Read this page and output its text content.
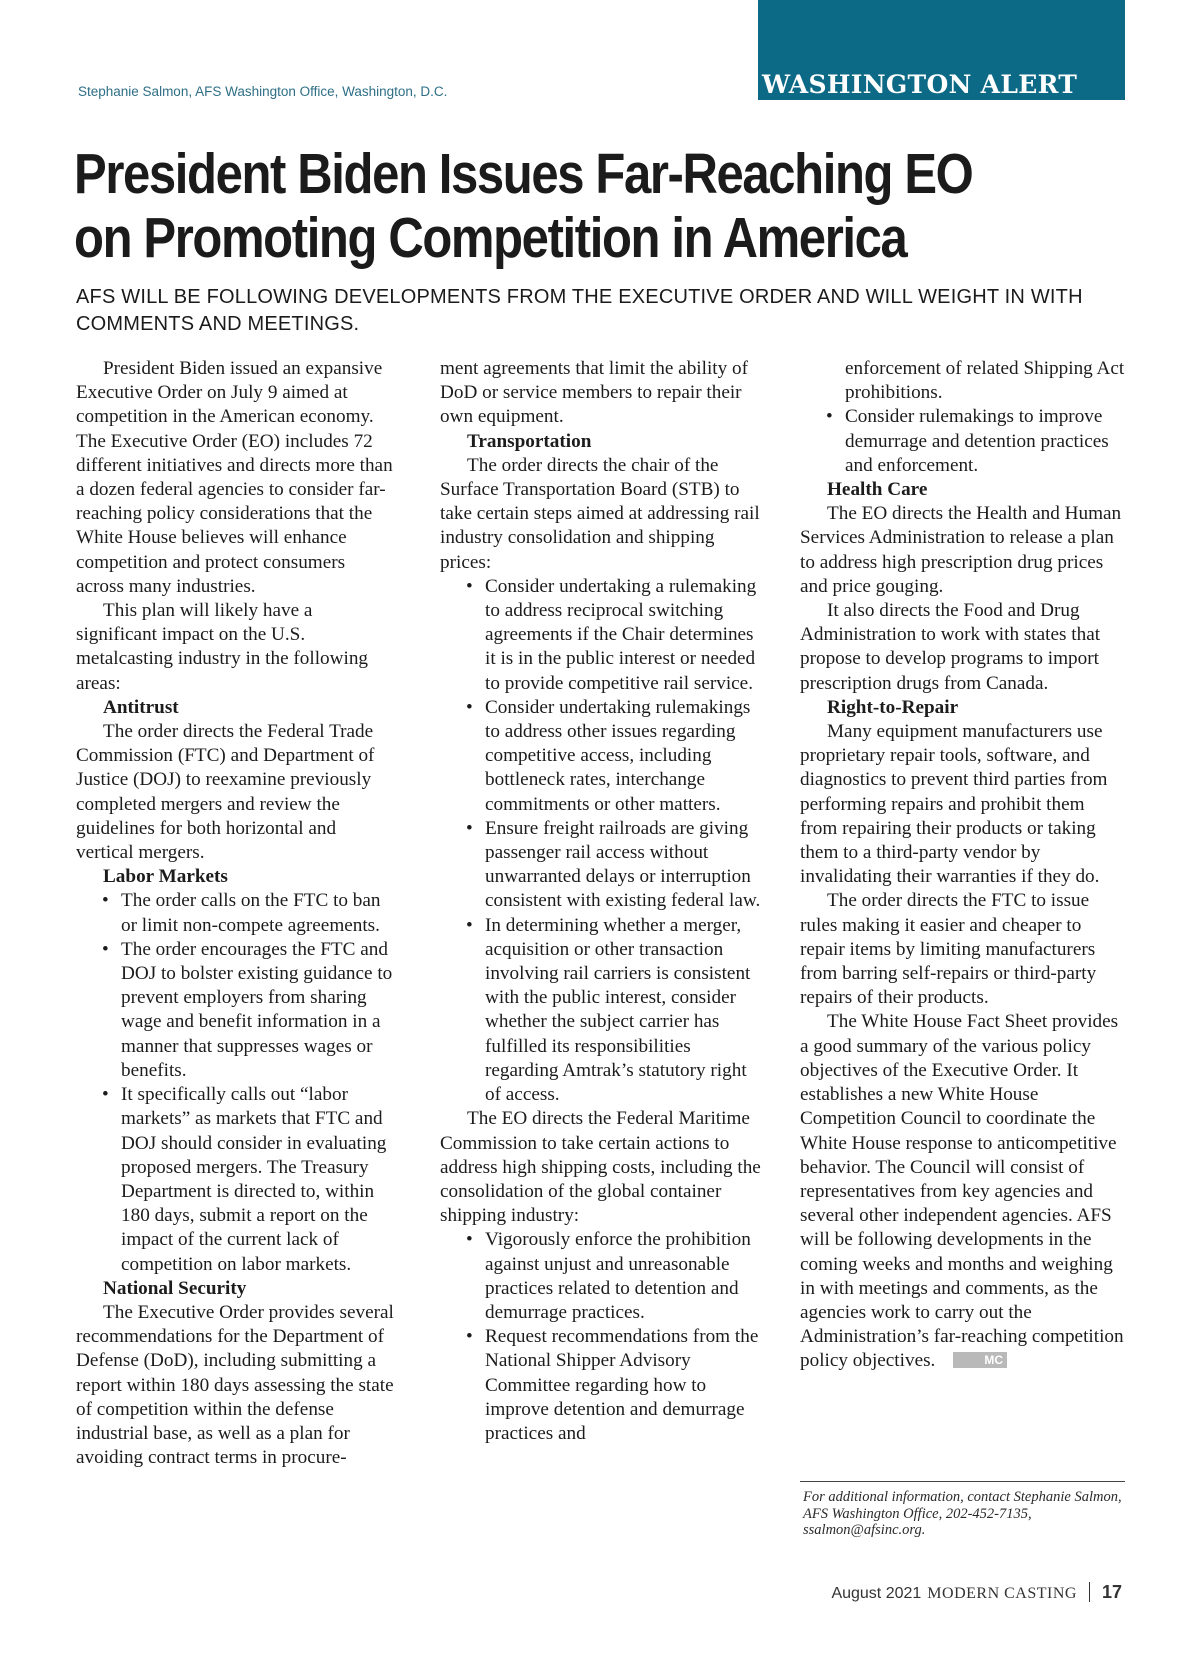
Stephanie Salmon, AFS Washington Office, Washington, D.C.	WASHINGTON ALERT
President Biden Issues Far-Reaching EO on Promoting Competition in America

AFS WILL BE FOLLOWING DEVELOPMENTS FROM THE EXECUTIVE ORDER AND WILL WEIGHT IN WITH COMMENTS AND MEETINGS.

President Biden issued an expansive Executive Order on July 9 aimed at competition in the American economy. The Executive Order (EO) includes 72 different initiatives and directs more than a dozen federal agencies to consider far-reaching policy considerations that the White House believes will enhance competition and protect consumers across many industries.

This plan will likely have a significant impact on the U.S. metalcasting industry in the following areas:

Antitrust

The order directs the Federal Trade Commission (FTC) and Department of Justice (DOJ) to reexamine previously completed mergers and review the guidelines for both horizontal and vertical mergers.

Labor Markets

• The order calls on the FTC to ban or limit non-compete agreements.
• The order encourages the FTC and DOJ to bolster existing guidance to prevent employers from sharing wage and benefit information in a manner that suppresses wages or benefits.
• It specifically calls out “labor markets” as markets that FTC and DOJ should consider in evaluating proposed mergers. The Treasury Department is directed to, within 180 days, submit a report on the impact of the current lack of competition on labor markets.

National Security

The Executive Order provides several recommendations for the Department of Defense (DoD), including submitting a report within 180 days assessing the state of competition within the defense industrial base, as well as a plan for avoiding contract terms in procure-

ment agreements that limit the ability of DoD or service members to repair their own equipment.

Transportation

The order directs the chair of the Surface Transportation Board (STB) to take certain steps aimed at addressing rail industry consolidation and shipping prices:

• Consider undertaking a rulemaking to address reciprocal switching agreements if the Chair determines it is in the public interest or needed to provide competitive rail service.
• Consider undertaking rulemakings to address other issues regarding competitive access, including bottleneck rates, interchange commitments or other matters.
• Ensure freight railroads are giving passenger rail access without unwarranted delays or interruption consistent with existing federal law.
• In determining whether a merger, acquisition or other transaction involving rail carriers is consistent with the public interest, consider whether the subject carrier has fulfilled its responsibilities regarding Amtrak’s statutory right of access.

The EO directs the Federal Maritime Commission to take certain actions to address high shipping costs, including the consolidation of the global container shipping industry:

• Vigorously enforce the prohibition against unjust and unreasonable practices related to detention and demurrage practices.
• Request recommendations from the National Shipper Advisory Committee regarding how to improve detention and demurrage practices and

enforcement of related Shipping Act prohibitions.

• Consider rulemakings to improve demurrage and detention practices and enforcement.

Health Care

The EO directs the Health and Human Services Administration to release a plan to address high prescription drug prices and price gouging.

It also directs the Food and Drug Administration to work with states that propose to develop programs to import prescription drugs from Canada.

Right-to-Repair

Many equipment manufacturers use proprietary repair tools, software, and diagnostics to prevent third parties from performing repairs and prohibit them from repairing their products or taking them to a third-party vendor by invalidating their warranties if they do.

The order directs the FTC to issue rules making it easier and cheaper to repair items by limiting manufacturers from barring self-repairs or third-party repairs of their products.

The White House Fact Sheet provides a good summary of the various policy objectives of the Executive Order. It establishes a new White House Competition Council to coordinate the White House response to anticompetitive behavior. The Council will consist of representatives from key agencies and several other independent agencies. AFS will be following developments in the coming weeks and months and weighing in with meetings and comments, as the agencies work to carry out the Administration’s far-reaching competition policy objectives.	MC

For additional information, contact Stephanie Salmon, AFS Washington Office, 202-452-7135, ssalmon@afsinc.org.
August 2021 MODERN CASTING 17
